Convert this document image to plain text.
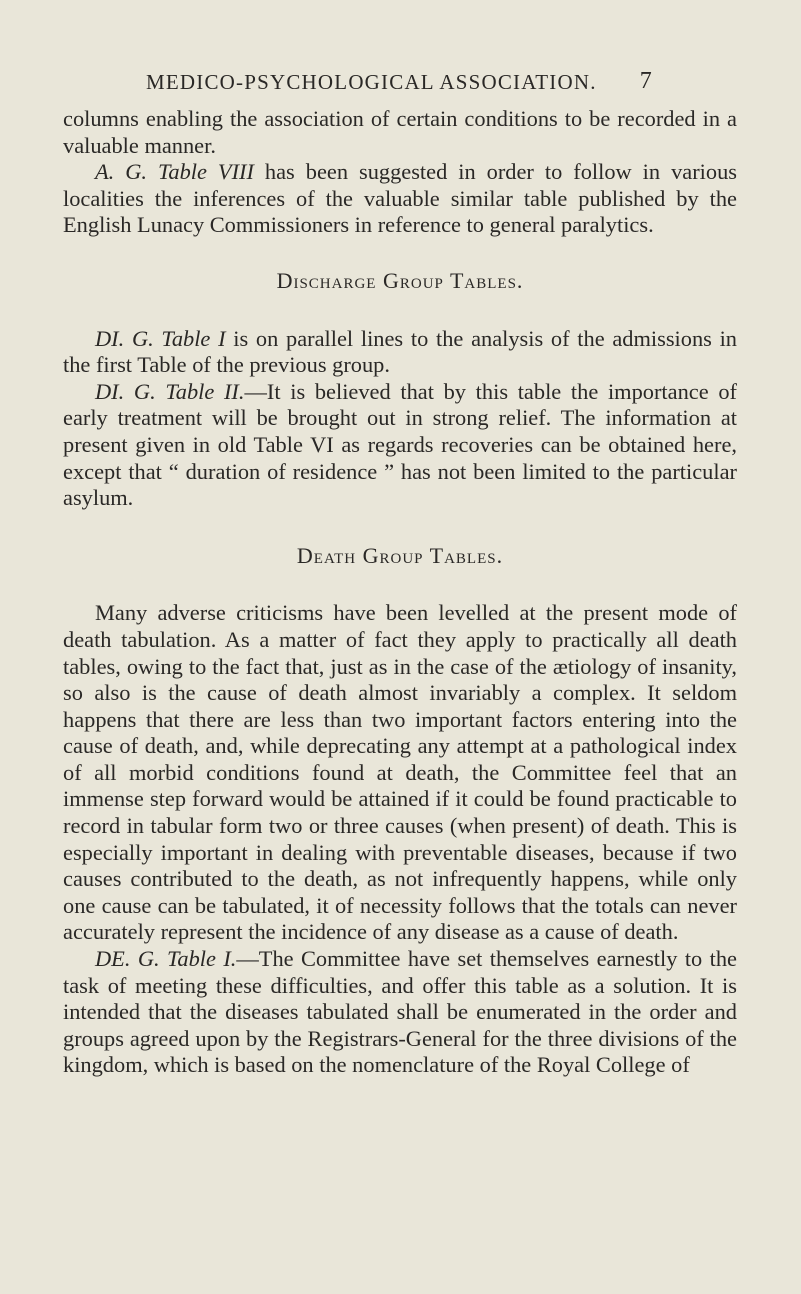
MEDICO-PSYCHOLOGICAL ASSOCIATION. 7

columns enabling the association of certain conditions to be recorded in a valuable manner.

A. G. Table VIII has been suggested in order to follow in various localities the inferences of the valuable similar table published by the English Lunacy Commissioners in reference to general paralytics.

Discharge Group Tables.

DI. G. Table I is on parallel lines to the analysis of the admissions in the first Table of the previous group.

DI. G. Table II.—It is believed that by this table the importance of early treatment will be brought out in strong relief. The information at present given in old Table VI as regards recoveries can be obtained here, except that “ duration of residence ” has not been limited to the particular asylum.

Death Group Tables.

Many adverse criticisms have been levelled at the present mode of death tabulation. As a matter of fact they apply to practically all death tables, owing to the fact that, just as in the case of the ætiology of insanity, so also is the cause of death almost invariably a complex. It seldom happens that there are less than two important factors entering into the cause of death, and, while deprecating any attempt at a pathological index of all morbid conditions found at death, the Committee feel that an immense step forward would be attained if it could be found practicable to record in tabular form two or three causes (when present) of death. This is especially important in dealing with preventable diseases, because if two causes contributed to the death, as not infrequently happens, while only one cause can be tabulated, it of necessity follows that the totals can never accurately represent the incidence of any disease as a cause of death.

DE. G. Table I.—The Committee have set themselves earnestly to the task of meeting these difficulties, and offer this table as a solution. It is intended that the diseases tabulated shall be enumerated in the order and groups agreed upon by the Registrars-General for the three divisions of the kingdom, which is based on the nomenclature of the Royal College of
